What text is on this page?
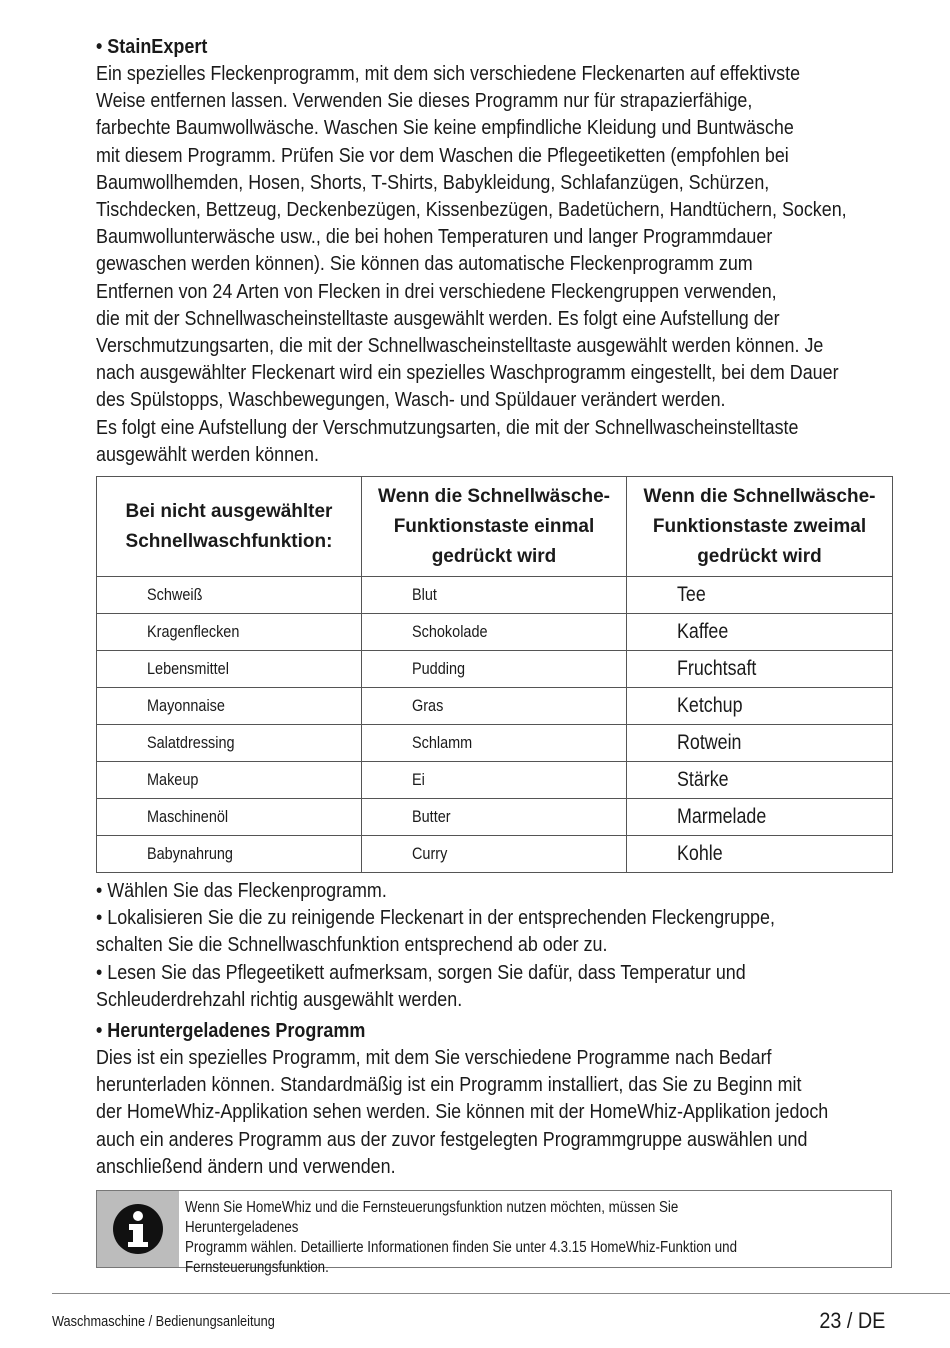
• StainExpert
Ein spezielles Fleckenprogramm, mit dem sich verschiedene Fleckenarten auf effektivste
Weise entfernen lassen. Verwenden Sie dieses Programm nur für strapazierfähige,
farbechte Baumwollwäsche. Waschen Sie keine empfindliche Kleidung und Buntwäsche
mit diesem Programm. Prüfen Sie vor dem Waschen die Pflegeetiketten (empfohlen bei
Baumwollhemden, Hosen, Shorts, T-Shirts, Babykleidung, Schlafanzügen, Schürzen,
Tischdecken, Bettzeug, Deckenbezügen, Kissenbezügen, Badetüchern, Handtüchern, Socken,
Baumwollunterwäsche usw., die bei hohen Temperaturen und langer Programmdauer
gewaschen werden können). Sie können das automatische Fleckenprogramm zum
Entfernen von 24 Arten von Flecken in drei verschiedene Fleckengruppen verwenden,
die mit der Schnellwascheinstelltaste ausgewählt werden. Es folgt eine Aufstellung der
Verschmutzungsarten, die mit der Schnellwascheinstelltaste ausgewählt werden können. Je
nach ausgewählter Fleckenart wird ein spezielles Waschprogramm eingestellt, bei dem Dauer
des Spülstopps, Waschbewegungen, Wasch- und Spüldauer verändert werden.
Es folgt eine Aufstellung der Verschmutzungsarten, die mit der Schnellwascheinstelltaste
ausgewählt werden können.
Bei nicht ausgewählter Schnellwaschfunktion:	Wenn die Schnellwäsche-Funktionstaste einmal gedrückt wird	Wenn die Schnellwäsche-Funktionstaste zweimal gedrückt wird
Schweiß	Blut	Tee
Kragenflecken	Schokolade	Kaffee
Lebensmittel	Pudding	Fruchtsaft
Mayonnaise	Gras	Ketchup
Salatdressing	Schlamm	Rotwein
Makeup	Ei	Stärke
Maschinenöl	Butter	Marmelade
Babynahrung	Curry	Kohle
• Wählen Sie das Fleckenprogramm.
• Lokalisieren Sie die zu reinigende Fleckenart in der entsprechenden Fleckengruppe,
schalten Sie die Schnellwaschfunktion entsprechend ab oder zu.
• Lesen Sie das Pflegeetikett aufmerksam, sorgen Sie dafür, dass Temperatur und
Schleuderdrehzahl richtig ausgewählt werden.
• Heruntergeladenes Programm
Dies ist ein spezielles Programm, mit dem Sie verschiedene Programme nach Bedarf
herunterladen können. Standardmäßig ist ein Programm installiert, das Sie zu Beginn mit
der HomeWhiz-Applikation sehen werden. Sie können mit der HomeWhiz-Applikation jedoch
auch ein anderes Programm aus der zuvor festgelegten Programmgruppe auswählen und
anschließend ändern und verwenden.
Wenn Sie HomeWhiz und die Fernsteuerungsfunktion nutzen möchten, müssen Sie Heruntergeladenes
Programm wählen. Detaillierte Informationen finden Sie unter 4.3.15 HomeWhiz-Funktion und
Fernsteuerungsfunktion.
Waschmaschine / Bedienungsanleitung	23 / DE
